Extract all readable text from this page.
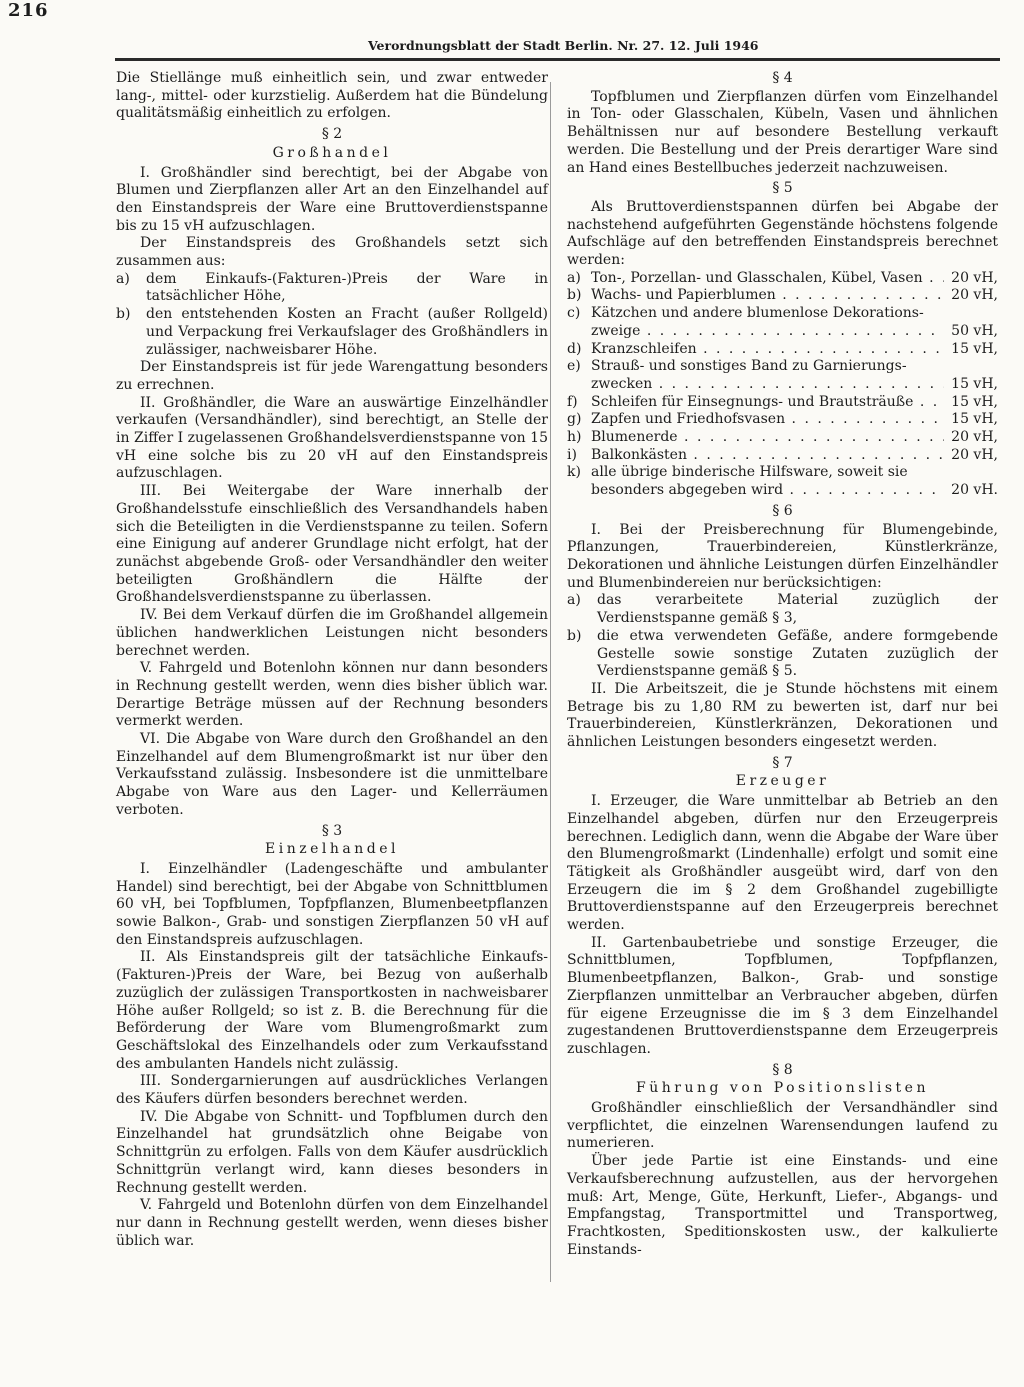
216
Verordnungsblatt der Stadt Berlin. Nr. 27. 12. Juli 1946

Die Stiellänge muß einheitlich sein, und zwar entweder lang-, mittel- oder kurzstielig. Außerdem hat die Bündelung qualitätsmäßig einheitlich zu erfolgen.

§ 2
Großhandel

I. Großhändler sind berechtigt, bei der Abgabe von Blumen und Zierpflanzen aller Art an den Einzelhandel auf den Einstandspreis der Ware eine Bruttoverdienstspanne bis zu 15 vH aufzuschlagen.

Der Einstandspreis des Großhandels setzt sich zusammen aus:

a)	dem Einkaufs-(Fakturen-)Preis der Ware in tatsächlicher Höhe,
b)	den entstehenden Kosten an Fracht (außer Rollgeld) und Verpackung frei Verkaufslager des Großhändlers in zulässiger, nachweisbarer Höhe.

Der Einstandspreis ist für jede Warengattung besonders zu errechnen.

II. Großhändler, die Ware an auswärtige Einzelhändler verkaufen (Versandhändler), sind berechtigt, an Stelle der in Ziffer I zugelassenen Großhandelsverdienstspanne von 15 vH eine solche bis zu 20 vH auf den Einstandspreis aufzuschlagen.

III. Bei Weitergabe der Ware innerhalb der Großhandelsstufe einschließlich des Versandhandels haben sich die Beteiligten in die Verdienstspanne zu teilen. Sofern eine Einigung auf anderer Grundlage nicht erfolgt, hat der zunächst abgebende Groß- oder Versandhändler den weiter beteiligten Großhändlern die Hälfte der Großhandelsverdienstspanne zu überlassen.

IV. Bei dem Verkauf dürfen die im Großhandel allgemein üblichen handwerklichen Leistungen nicht besonders berechnet werden.

V. Fahrgeld und Botenlohn können nur dann besonders in Rechnung gestellt werden, wenn dies bisher üblich war. Derartige Beträge müssen auf der Rechnung besonders vermerkt werden.

VI. Die Abgabe von Ware durch den Großhandel an den Einzelhandel auf dem Blumengroßmarkt ist nur über den Verkaufsstand zulässig. Insbesondere ist die unmittelbare Abgabe von Ware aus den Lager- und Kellerräumen verboten.

§ 3
Einzelhandel

I. Einzelhändler (Ladengeschäfte und ambulanter Handel) sind berechtigt, bei der Abgabe von Schnittblumen 60 vH, bei Topfblumen, Topfpflanzen, Blumenbeetpflanzen sowie Balkon-, Grab- und sonstigen Zierpflanzen 50 vH auf den Einstandspreis aufzuschlagen.

II. Als Einstandspreis gilt der tatsächliche Einkaufs-(Fakturen-)Preis der Ware, bei Bezug von außerhalb zuzüglich der zulässigen Transportkosten in nachweisbarer Höhe außer Rollgeld; so ist z. B. die Berechnung für die Beförderung der Ware vom Blumengroßmarkt zum Geschäftslokal des Einzelhandels oder zum Verkaufsstand des ambulanten Handels nicht zulässig.

III. Sondergarnierungen auf ausdrückliches Verlangen des Käufers dürfen besonders berechnet werden.

IV. Die Abgabe von Schnitt- und Topfblumen durch den Einzelhandel hat grundsätzlich ohne Beigabe von Schnittgrün zu erfolgen. Falls von dem Käufer ausdrücklich Schnittgrün verlangt wird, kann dieses besonders in Rechnung gestellt werden.

V. Fahrgeld und Botenlohn dürfen von dem Einzelhandel nur dann in Rechnung gestellt werden, wenn dieses bisher üblich war.

§ 4

Topfblumen und Zierpflanzen dürfen vom Einzelhandel in Ton- oder Glasschalen, Kübeln, Vasen und ähnlichen Behältnissen nur auf besondere Bestellung verkauft werden. Die Bestellung und der Preis derartiger Ware sind an Hand eines Bestellbuches jederzeit nachzuweisen.

§ 5

Als Bruttoverdienstspannen dürfen bei Abgabe der nachstehend aufgeführten Gegenstände höchstens folgende Aufschläge auf den betreffenden Einstandspreis berechnet werden:

a) Ton-, Porzellan- und Glasschalen, Kübel, Vasen . . .	20 vH,
b) Wachs- und Papierblumen . . .	20 vH,
c) Kätzchen und andere blumenlose Dekorations-
zweige . . .	50 vH,
d) Kranzschleifen . . .	15 vH,
e) Strauß- und sonstiges Band zu Garnierungs-
zwecken . . .	15 vH,
f) Schleifen für Einsegnungs- und Brautsträuße . . .	15 vH,
g) Zapfen und Friedhofsvasen . . .	15 vH,
h) Blumenerde . . .	20 vH,
i)	Balkonkästen . . .	20 vH,
k) alle übrige binderische Hilfsware, soweit sie
besonders abgegeben wird . . .	20 vH.
§ 6

I. Bei der Preisberechnung für Blumengebinde, Pflanzungen, Trauerbindereien, Künstlerkränze, Dekorationen und ähnliche Leistungen dürfen Einzelhändler und Blumenbindereien nur berücksichtigen:

a)	das verarbeitete Material zuzüglich der Verdienstspanne gemäß § 3,
b)	die etwa verwendeten Gefäße, andere formgebende Gestelle sowie sonstige Zutaten zuzüglich der Verdienstspanne gemäß § 5.

II. Die Arbeitszeit, die je Stunde höchstens mit einem Betrage bis zu 1,80 RM zu bewerten ist, darf nur bei Trauerbindereien, Künstlerkränzen, Dekorationen und ähnlichen Leistungen besonders eingesetzt werden.

§ 7
Erzeuger

I. Erzeuger, die Ware unmittelbar ab Betrieb an den Einzelhandel abgeben, dürfen nur den Erzeugerpreis berechnen. Lediglich dann, wenn die Abgabe der Ware über den Blumengroßmarkt (Lindenhalle) erfolgt und somit eine Tätigkeit als Großhändler ausgeübt wird, darf von den Erzeugern die im § 2 dem Großhandel zugebilligte Bruttoverdienstspanne auf den Erzeugerpreis berechnet werden.

II. Gartenbaubetriebe und sonstige Erzeuger, die Schnittblumen, Topfblumen, Topfpflanzen, Blumenbeetpflanzen, Balkon-, Grab- und sonstige Zierpflanzen unmittelbar an Verbraucher abgeben, dürfen für eigene Erzeugnisse die im § 3 dem Einzelhandel zugestandenen Bruttoverdienstspanne dem Erzeugerpreis zuschlagen.

§ 8
Führung von Positionslisten

Großhändler einschließlich der Versandhändler sind verpflichtet, die einzelnen Warensendungen laufend zu numerieren.

Über jede Partie ist eine Einstands- und eine Verkaufsberechnung aufzustellen, aus der hervorgehen muß: Art, Menge, Güte, Herkunft, Liefer-, Abgangs- und Empfangstag, Transportmittel und Transportweg, Frachtkosten, Speditionskosten usw., der kalkulierte Einstands-
